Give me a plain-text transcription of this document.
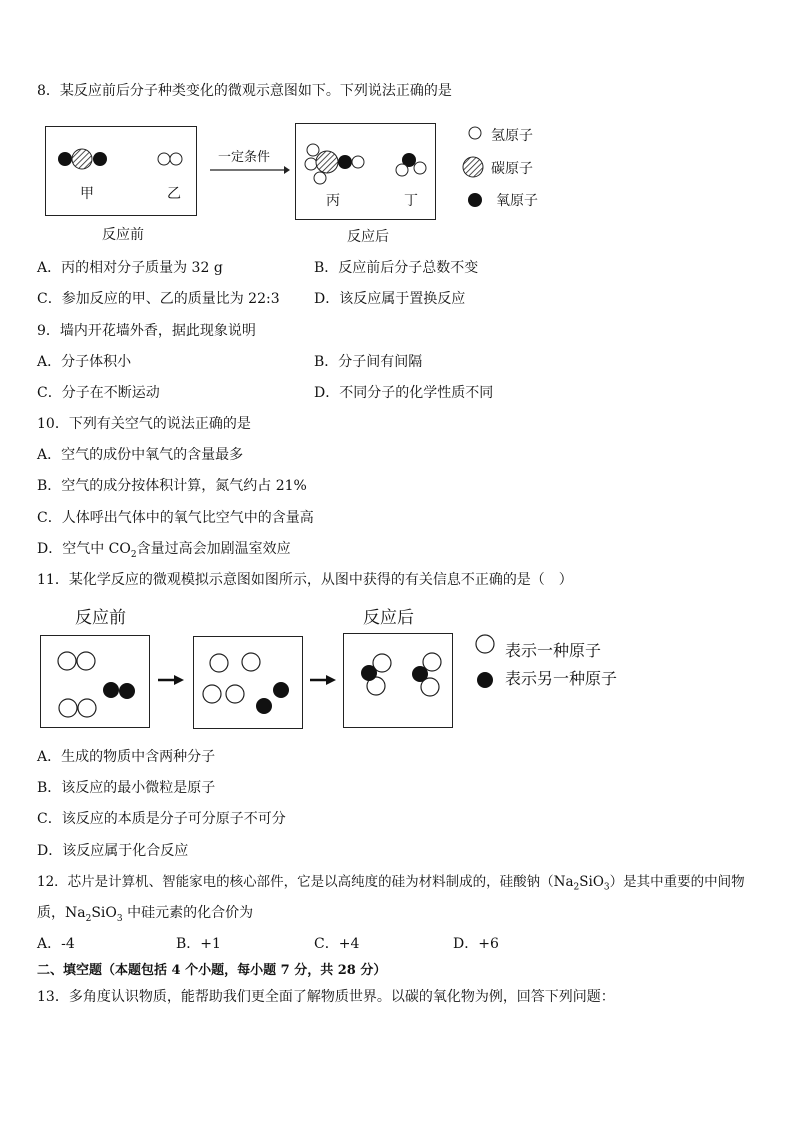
8．某反应前后分子种类变化的微观示意图如下。下列说法正确的是
甲	乙
一定条件
丙	丁
反应前	反应后
氢原子
碳原子
氧原子
A．丙的相对分子质量为 32 g	B．反应前后分子总数不变
C．参加反应的甲、乙的质量比为 22:3 D．该反应属于置换反应
9．墙内开花墙外香，据此现象说明
A．分子体积小	B．分子间有间隔
C．分子在不断运动	D．不同分子的化学性质不同
10．下列有关空气的说法正确的是
A．空气的成份中氧气的含量最多
B．空气的成分按体积计算，氮气约占 21%
C．人体呼出气体中的氧气比空气中的含量高
D．空气中 $CO_2$含量过高会加剧温室效应
11．某化学反应的微观模拟示意图如图所示，从图中获得的有关信息不正确的是（　）
反应前	反应后
表示一种原子
表示另一种原子
A．生成的物质中含两种分子
B．该反应的最小微粒是原子
C．该反应的本质是分子可分原子不可分
D．该反应属于化合反应
12．芯片是计算机、智能家电的核心部件，它是以高纯度的硅为材料制成的，硅酸钠$(Na_2SiO_3)$是其中重要的中间物
质，$Na_2SiO_3$ 中硅元素的化合价为
A．-4	B．+1	C．+4	D．+6
二、填空题（本题包括 4 个小题，每小题 7 分，共 28 分）
13．多角度认识物质，能帮助我们更全面了解物质世界。以碳的氧化物为例，回答下列问题：
